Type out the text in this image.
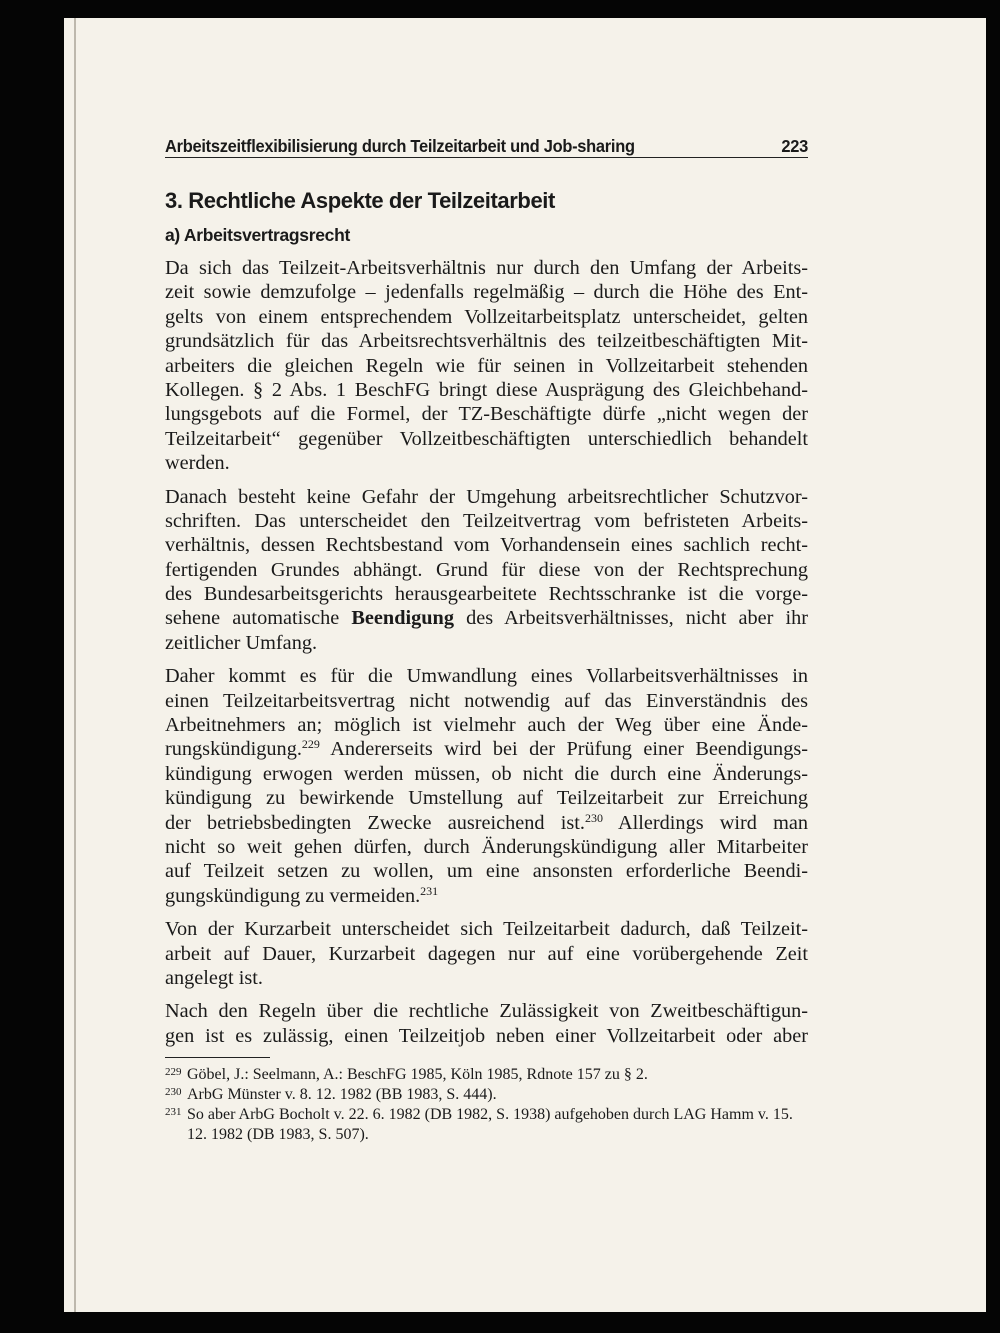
Arbeitszeitflexibilisierung durch Teilzeitarbeit und Job-sharing	223
3. Rechtliche Aspekte der Teilzeitarbeit
a) Arbeitsvertragsrecht
Da sich das Teilzeit-Arbeitsverhältnis nur durch den Umfang der Arbeits-
zeit sowie demzufolge – jedenfalls regelmäßig – durch die Höhe des Ent-
gelts von einem entsprechendem Vollzeitarbeitsplatz unterscheidet, gelten
grundsätzlich für das Arbeitsrechtsverhältnis des teilzeitbeschäftigten Mit-
arbeiters die gleichen Regeln wie für seinen in Vollzeitarbeit stehenden
Kollegen. § 2 Abs. 1 BeschFG bringt diese Ausprägung des Gleichbehand-
lungsgebots auf die Formel, der TZ-Beschäftigte dürfe „nicht wegen der
Teilzeitarbeit“ gegenüber Vollzeitbeschäftigten unterschiedlich behandelt
werden.
Danach besteht keine Gefahr der Umgehung arbeitsrechtlicher Schutzvor-
schriften. Das unterscheidet den Teilzeitvertrag vom befristeten Arbeits-
verhältnis, dessen Rechtsbestand vom Vorhandensein eines sachlich recht-
fertigenden Grundes abhängt. Grund für diese von der Rechtsprechung
des Bundesarbeitsgerichts herausgearbeitete Rechtsschranke ist die vorge-
sehene automatische Beendigung des Arbeitsverhältnisses, nicht aber ihr
zeitlicher Umfang.
Daher kommt es für die Umwandlung eines Vollarbeitsverhältnisses in
einen Teilzeitarbeitsvertrag nicht notwendig auf das Einverständnis des
Arbeitnehmers an; möglich ist vielmehr auch der Weg über eine Ände-
rungskündigung.$^{229}$ Andererseits wird bei der Prüfung einer Beendigungs-
kündigung erwogen werden müssen, ob nicht die durch eine Änderungs-
kündigung zu bewirkende Umstellung auf Teilzeitarbeit zur Erreichung
der betriebsbedingten Zwecke ausreichend ist.$^{230}$ Allerdings wird man
nicht so weit gehen dürfen, durch Änderungskündigung aller Mitarbeiter
auf Teilzeit setzen zu wollen, um eine ansonsten erforderliche Beendi-
gungskündigung zu vermeiden.$^{231}$
Von der Kurzarbeit unterscheidet sich Teilzeitarbeit dadurch, daß Teilzeit-
arbeit auf Dauer, Kurzarbeit dagegen nur auf eine vorübergehende Zeit
angelegt ist.
Nach den Regeln über die rechtliche Zulässigkeit von Zweitbeschäftigun-
gen ist es zulässig, einen Teilzeitjob neben einer Vollzeitarbeit oder aber
229 Göbel, J.: Seelmann, A.: BeschFG 1985, Köln 1985, Rdnote 157 zu § 2.
230 ArbG Münster v. 8. 12. 1982 (BB 1983, S. 444).
231 So aber ArbG Bocholt v. 22. 6. 1982 (DB 1982, S. 1938) aufgehoben durch LAG Hamm v. 15. 12. 1982 (DB 1983, S. 507).
